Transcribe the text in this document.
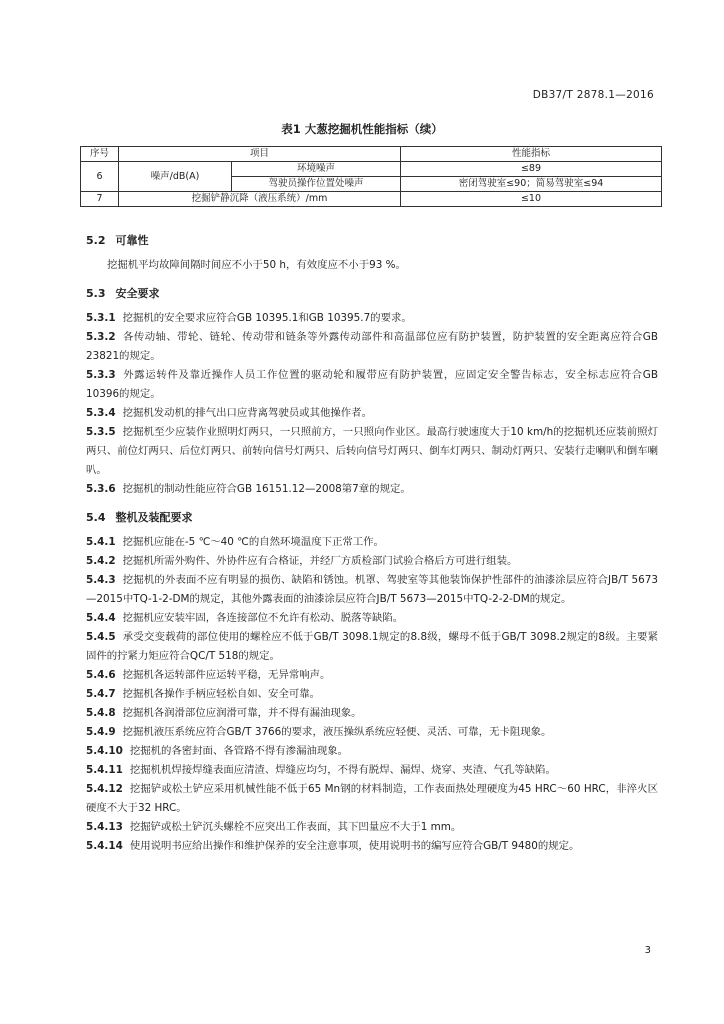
DB37/T 2878.1—2016
表1 大葱挖掘机性能指标（续）
序号	项目		性能指标
6	噪声/dB(A)	环境噪声	≤89
		驾驶员操作位置处噪声	密闭驾驶室≤90；简易驾驶室≤94
7	挖掘铲静沉降（液压系统）/mm		≤10
5.2 可靠性

挖掘机平均故障间隔时间应不小于50 h，有效度应不小于93 %。

5.3 安全要求

5.3.1 挖掘机的安全要求应符合GB 10395.1和GB 10395.7的要求。

5.3.2 各传动轴、带轮、链轮、传动带和链条等外露传动部件和高温部位应有防护装置，防护装置的安全距离应符合GB 23821的规定。

5.3.3 外露运转件及靠近操作人员工作位置的驱动轮和履带应有防护装置，应固定安全警告标志，安全标志应符合GB 10396的规定。

5.3.4 挖掘机发动机的排气出口应背离驾驶员或其他操作者。

5.3.5 挖掘机至少应装作业照明灯两只，一只照前方，一只照向作业区。最高行驶速度大于10 km/h的挖掘机还应装前照灯两只、前位灯两只、后位灯两只、前转向信号灯两只、后转向信号灯两只、倒车灯两只、制动灯两只、安装行走喇叭和倒车喇叭。

5.3.6 挖掘机的制动性能应符合GB 16151.12—2008第7章的规定。

5.4 整机及装配要求

5.4.1 挖掘机应能在-5 ℃～40 ℃的自然环境温度下正常工作。

5.4.2 挖掘机所需外购件、外协件应有合格证，并经厂方质检部门试验合格后方可进行组装。

5.4.3 挖掘机的外表面不应有明显的损伤、缺陷和锈蚀。机罩、驾驶室等其他装饰保护性部件的油漆涂层应符合JB/T 5673—2015中TQ-1-2-DM的规定，其他外露表面的油漆涂层应符合JB/T 5673—2015中TQ-2-2-DM的规定。

5.4.4 挖掘机应安装牢固，各连接部位不允许有松动、脱落等缺陷。

5.4.5 承受交变载荷的部位使用的螺栓应不低于GB/T 3098.1规定的8.8级，螺母不低于GB/T 3098.2规定的8级。主要紧固件的拧紧力矩应符合QC/T 518的规定。

5.4.6 挖掘机各运转部件应运转平稳，无异常响声。

5.4.7 挖掘机各操作手柄应轻松自如、安全可靠。

5.4.8 挖掘机各润滑部位应润滑可靠，并不得有漏油现象。

5.4.9 挖掘机液压系统应符合GB/T 3766的要求，液压操纵系统应轻便、灵活、可靠，无卡阻现象。

5.4.10 挖掘机的各密封面、各管路不得有渗漏油现象。

5.4.11 挖掘机机焊接焊缝表面应清渣、焊缝应均匀，不得有脱焊、漏焊、烧穿、夹渣、气孔等缺陷。

5.4.12 挖掘铲或松土铲应采用机械性能不低于65 Mn钢的材料制造，工作表面热处理硬度为45 HRC～60 HRC，非淬火区硬度不大于32 HRC。

5.4.13 挖掘铲或松土铲沉头螺栓不应突出工作表面，其下凹量应不大于1 mm。

5.4.14 使用说明书应给出操作和维护保养的安全注意事项，使用说明书的编写应符合GB/T 9480的规定。

3
